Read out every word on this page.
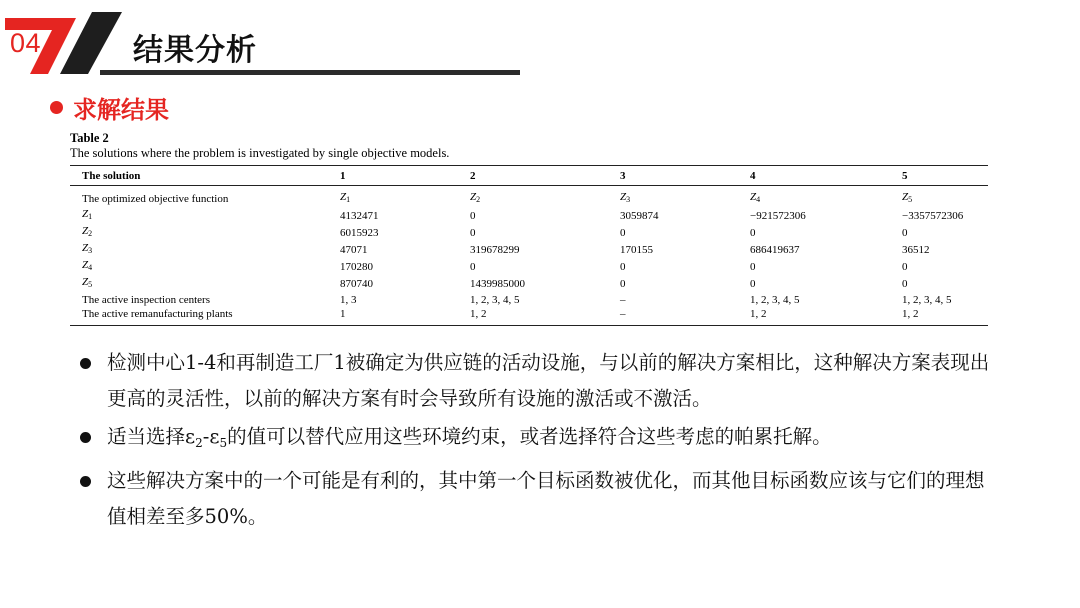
04	结果分析
求解结果
Table 2
The solutions where the problem is investigated by single objective models.
The solution	1	2	3	4	5
The optimized objective function	$Z_1$	$Z_2$	$Z_3$	$Z_4$	$Z_5$
$Z_1$	4132471	0	3059874	−921572306	−3357572306
$Z_2$	6015923	0	0	0	0
$Z_3$	47071	319678299	170155	686419637	36512
$Z_4$	170280	0	0	0	0
$Z_5$	870740	1439985000	0	0	0
The active inspection centers	1, 3	1, 2, 3, 4, 5	–	1, 2, 3, 4, 5	1, 2, 3, 4, 5
The active remanufacturing plants	1	1, 2	–	1, 2	1, 2
检测中心1-4和再制造工厂1被确定为供应链的活动设施，与以前的解决方案相比，这种解决方案表现出更高的灵活性，以前的解决方案有时会导致所有设施的激活或不激活。
适当选择$\varepsilon_2-\varepsilon_5$的值可以替代应用这些环境约束，或者选择符合这些考虑的帕累托解。
这些解决方案中的一个可能是有利的，其中第一个目标函数被优化，而其他目标函数应该与它们的理想值相差至多50%。
